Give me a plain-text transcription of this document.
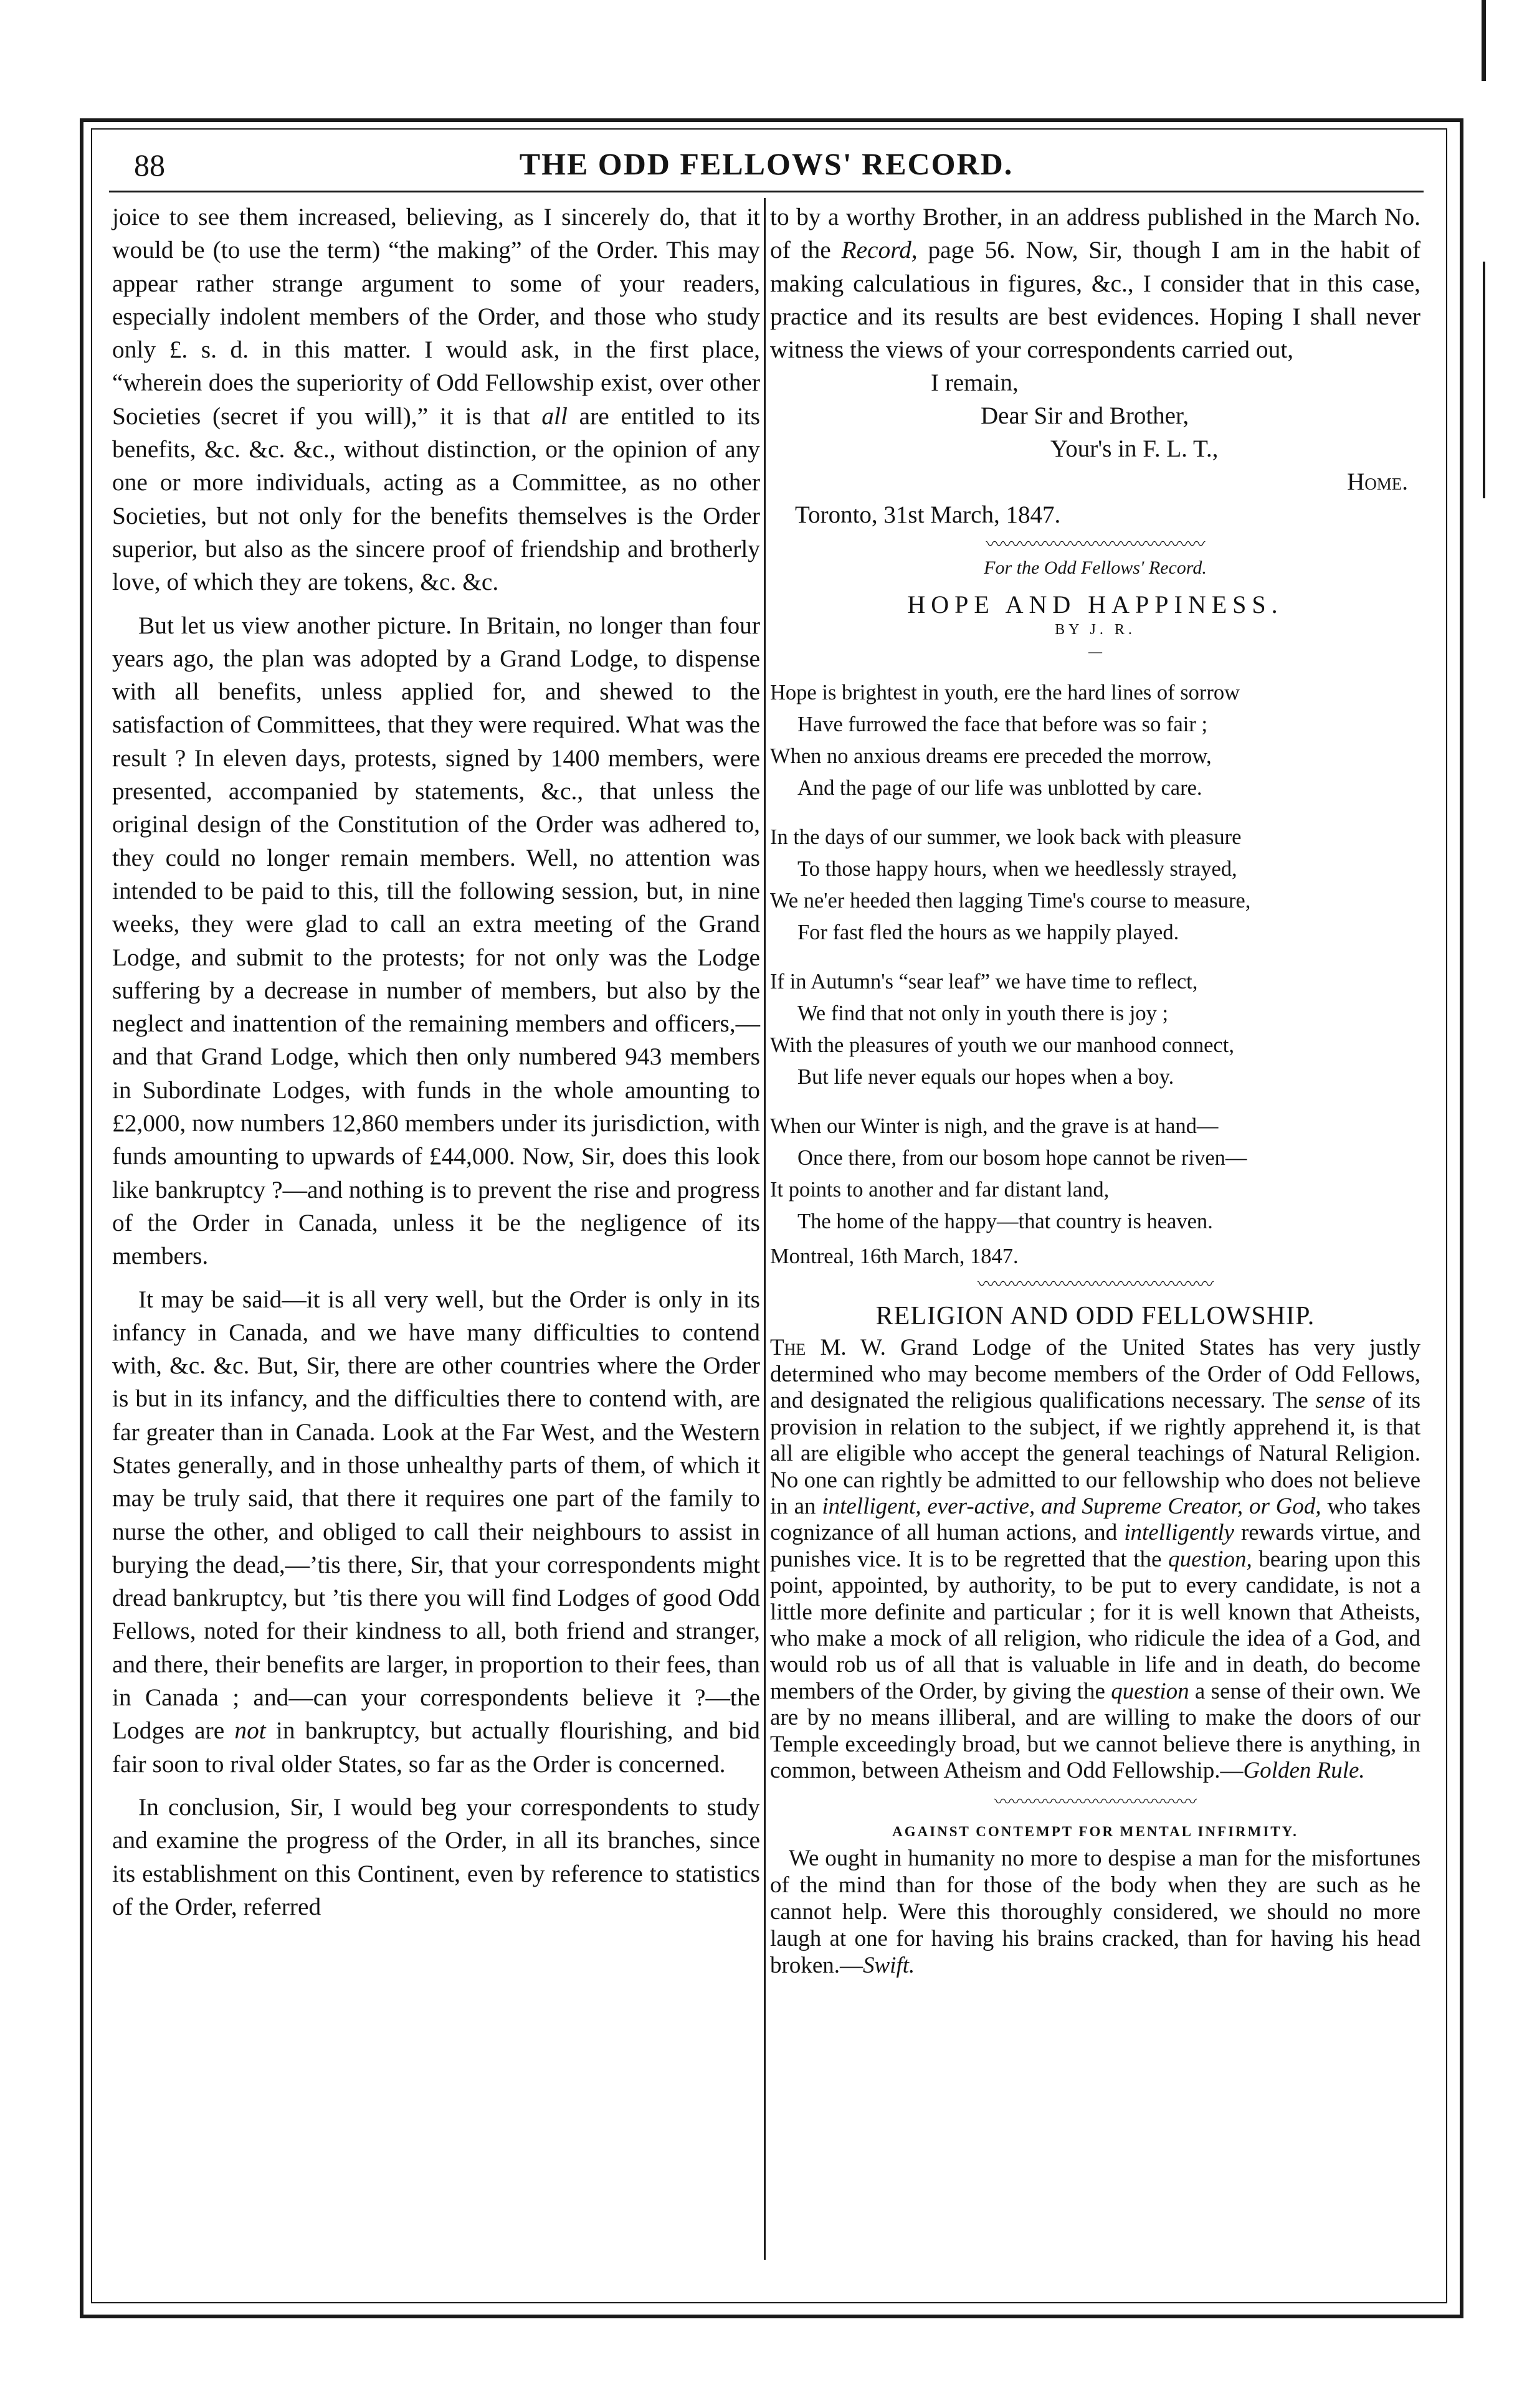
88	THE ODD FELLOWS' RECORD.

joice to see them increased, believing, as I sincerely do, that it would be (to use the term) “the making” of the Order. This may appear rather strange argument to some of your readers, especially indolent members of the Order, and those who study only £. s. d. in this matter. I would ask, in the first place, “wherein does the superiority of Odd Fellowship exist, over other Societies (secret if you will),” it is that all are entitled to its benefits, &c. &c. &c., without distinction, or the opinion of any one or more individuals, acting as a Committee, as no other Societies, but not only for the benefits themselves is the Order superior, but also as the sincere proof of friendship and brotherly love, of which they are tokens, &c. &c.

But let us view another picture. In Britain, no longer than four years ago, the plan was adopted by a Grand Lodge, to dispense with all benefits, unless applied for, and shewed to the satisfaction of Committees, that they were required. What was the result ? In eleven days, protests, signed by 1400 members, were presented, accompanied by statements, &c., that unless the original design of the Constitution of the Order was adhered to, they could no longer remain members. Well, no attention was intended to be paid to this, till the following session, but, in nine weeks, they were glad to call an extra meeting of the Grand Lodge, and submit to the protests; for not only was the Lodge suffering by a decrease in number of members, but also by the neglect and inattention of the remaining members and officers,—and that Grand Lodge, which then only numbered 943 members in Subordinate Lodges, with funds in the whole amounting to £2,000, now numbers 12,860 members under its jurisdiction, with funds amounting to upwards of £44,000. Now, Sir, does this look like bankruptcy ?—and nothing is to prevent the rise and progress of the Order in Canada, unless it be the negligence of its members.

It may be said—it is all very well, but the Order is only in its infancy in Canada, and we have many difficulties to contend with, &c. &c. But, Sir, there are other countries where the Order is but in its infancy, and the difficulties there to contend with, are far greater than in Canada. Look at the Far West, and the Western States generally, and in those unhealthy parts of them, of which it may be truly said, that there it requires one part of the family to nurse the other, and obliged to call their neighbours to assist in burying the dead,—’tis there, Sir, that your correspondents might dread bankruptcy, but ’tis there you will find Lodges of good Odd Fellows, noted for their kindness to all, both friend and stranger, and there, their benefits are larger, in proportion to their fees, than in Canada ; and—can your correspondents believe it ?—the Lodges are not in bankruptcy, but actually flourishing, and bid fair soon to rival older States, so far as the Order is concerned.

In conclusion, Sir, I would beg your correspondents to study and examine the progress of the Order, in all its branches, since its establishment on this Continent, even by reference to statistics of the Order, referred

to by a worthy Brother, in an address published in the March No. of the Record, page 56. Now, Sir, though I am in the habit of making calculatious in figures, &c., I consider that in this case, practice and its results are best evidences. Hoping I shall never witness the views of your correspondents carried out,

I remain,

Dear Sir and Brother,

Your's in F. L. T.,

Home.

Toronto, 31st March, 1847.

〰〰〰〰〰〰〰〰〰〰〰〰〰
For the Odd Fellows' Record.
HOPE AND HAPPINESS.
BY J. R.
—

Hope is brightest in youth, ere the hard lines of sorrow

Have furrowed the face that before was so fair ;

When no anxious dreams ere preceded the morrow,

And the page of our life was unblotted by care.

In the days of our summer, we look back with pleasure

To those happy hours, when we heedlessly strayed,

We ne'er heeded then lagging Time's course to measure,

For fast fled the hours as we happily played.

If in Autumn's “sear leaf” we have time to reflect,

We find that not only in youth there is joy ;

With the pleasures of youth we our manhood connect,

But life never equals our hopes when a boy.

When our Winter is nigh, and the grave is at hand—

Once there, from our bosom hope cannot be riven—

It points to another and far distant land,

The home of the happy—that country is heaven.

Montreal, 16th March, 1847.

〰〰〰〰〰〰〰〰〰〰〰〰〰〰
RELIGION AND ODD FELLOWSHIP.

The M. W. Grand Lodge of the United States has very justly determined who may become members of the Order of Odd Fellows, and designated the religious qualifications necessary. The sense of its provision in relation to the subject, if we rightly apprehend it, is that all are eligible who accept the general teachings of Natural Religion. No one can rightly be admitted to our fellowship who does not believe in an intelligent, ever-active, and Supreme Creator, or God, who takes cognizance of all human actions, and intelligently rewards virtue, and punishes vice. It is to be regretted that the question, bearing upon this point, appointed, by authority, to be put to every candidate, is not a little more definite and particular ; for it is well known that Atheists, who make a mock of all religion, who ridicule the idea of a God, and would rob us of all that is valuable in life and in death, do become members of the Order, by giving the question a sense of their own. We are by no means illiberal, and are willing to make the doors of our Temple exceedingly broad, but we cannot believe there is anything, in common, between Atheism and Odd Fellowship.—Golden Rule.

〰〰〰〰〰〰〰〰〰〰〰〰
AGAINST CONTEMPT FOR MENTAL INFIRMITY.

We ought in humanity no more to despise a man for the misfortunes of the mind than for those of the body when they are such as he cannot help. Were this thoroughly considered, we should no more laugh at one for having his brains cracked, than for having his head broken.—Swift.
